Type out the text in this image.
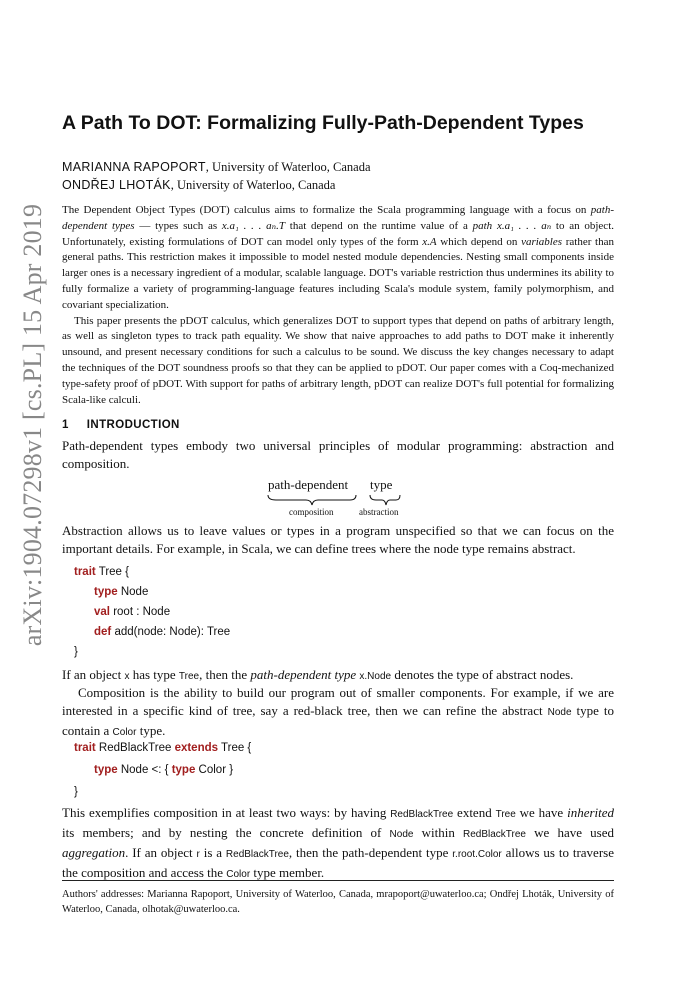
arXiv:1904.07298v1 [cs.PL] 15 Apr 2019
A Path To DOT: Formalizing Fully-Path-Dependent Types
MARIANNA RAPOPORT, University of Waterloo, Canada
ONDŘEJ LHOTÁK, University of Waterloo, Canada

The Dependent Object Types (DOT) calculus aims to formalize the Scala programming language with a focus on path-dependent types — types such as x.a₁ . . . aₙ.T that depend on the runtime value of a path x.a₁ . . . aₙ to an object. Unfortunately, existing formulations of DOT can model only types of the form x.A which depend on variables rather than general paths. This restriction makes it impossible to model nested module dependencies. Nesting small components inside larger ones is a necessary ingredient of a modular, scalable language. DOT's variable restriction thus undermines its ability to fully formalize a variety of programming-language features including Scala's module system, family polymorphism, and covariant specialization.

This paper presents the pDOT calculus, which generalizes DOT to support types that depend on paths of arbitrary length, as well as singleton types to track path equality. We show that naive approaches to add paths to DOT make it inherently unsound, and present necessary conditions for such a calculus to be sound. We discuss the key changes necessary to adapt the techniques of the DOT soundness proofs so that they can be applied to pDOT. Our paper comes with a Coq-mechanized type-safety proof of pDOT. With support for paths of arbitrary length, pDOT can realize DOT's full potential for formalizing Scala-like calculi.

1 INTRODUCTION

Path-dependent types embody two universal principles of modular programming: abstraction and composition.

path-dependent type
composition	abstraction

Abstraction allows us to leave values or types in a program unspecified so that we can focus on the important details. For example, in Scala, we can define trees where the node type remains abstract.

trait Tree {
type Node
val root : Node
def add(node: Node): Tree
}

If an object x has type Tree, then the path-dependent type x.Node denotes the type of abstract nodes.

Composition is the ability to build our program out of smaller components. For example, if we are interested in a specific kind of tree, say a red-black tree, then we can refine the abstract Node type to contain a Color type.

trait RedBlackTree extends Tree {
type Node <: { type Color }
}

This exemplifies composition in at least two ways: by having RedBlackTree extend Tree we have inherited its members; and by nesting the concrete definition of Node within RedBlackTree we have used aggregation. If an object r is a RedBlackTree, then the path-dependent type r.root.Color allows us to traverse the composition and access the Color type member.

Authors' addresses: Marianna Rapoport, University of Waterloo, Canada, mrapoport@uwaterloo.ca; Ondřej Lhoták, University of Waterloo, Canada, olhotak@uwaterloo.ca.
